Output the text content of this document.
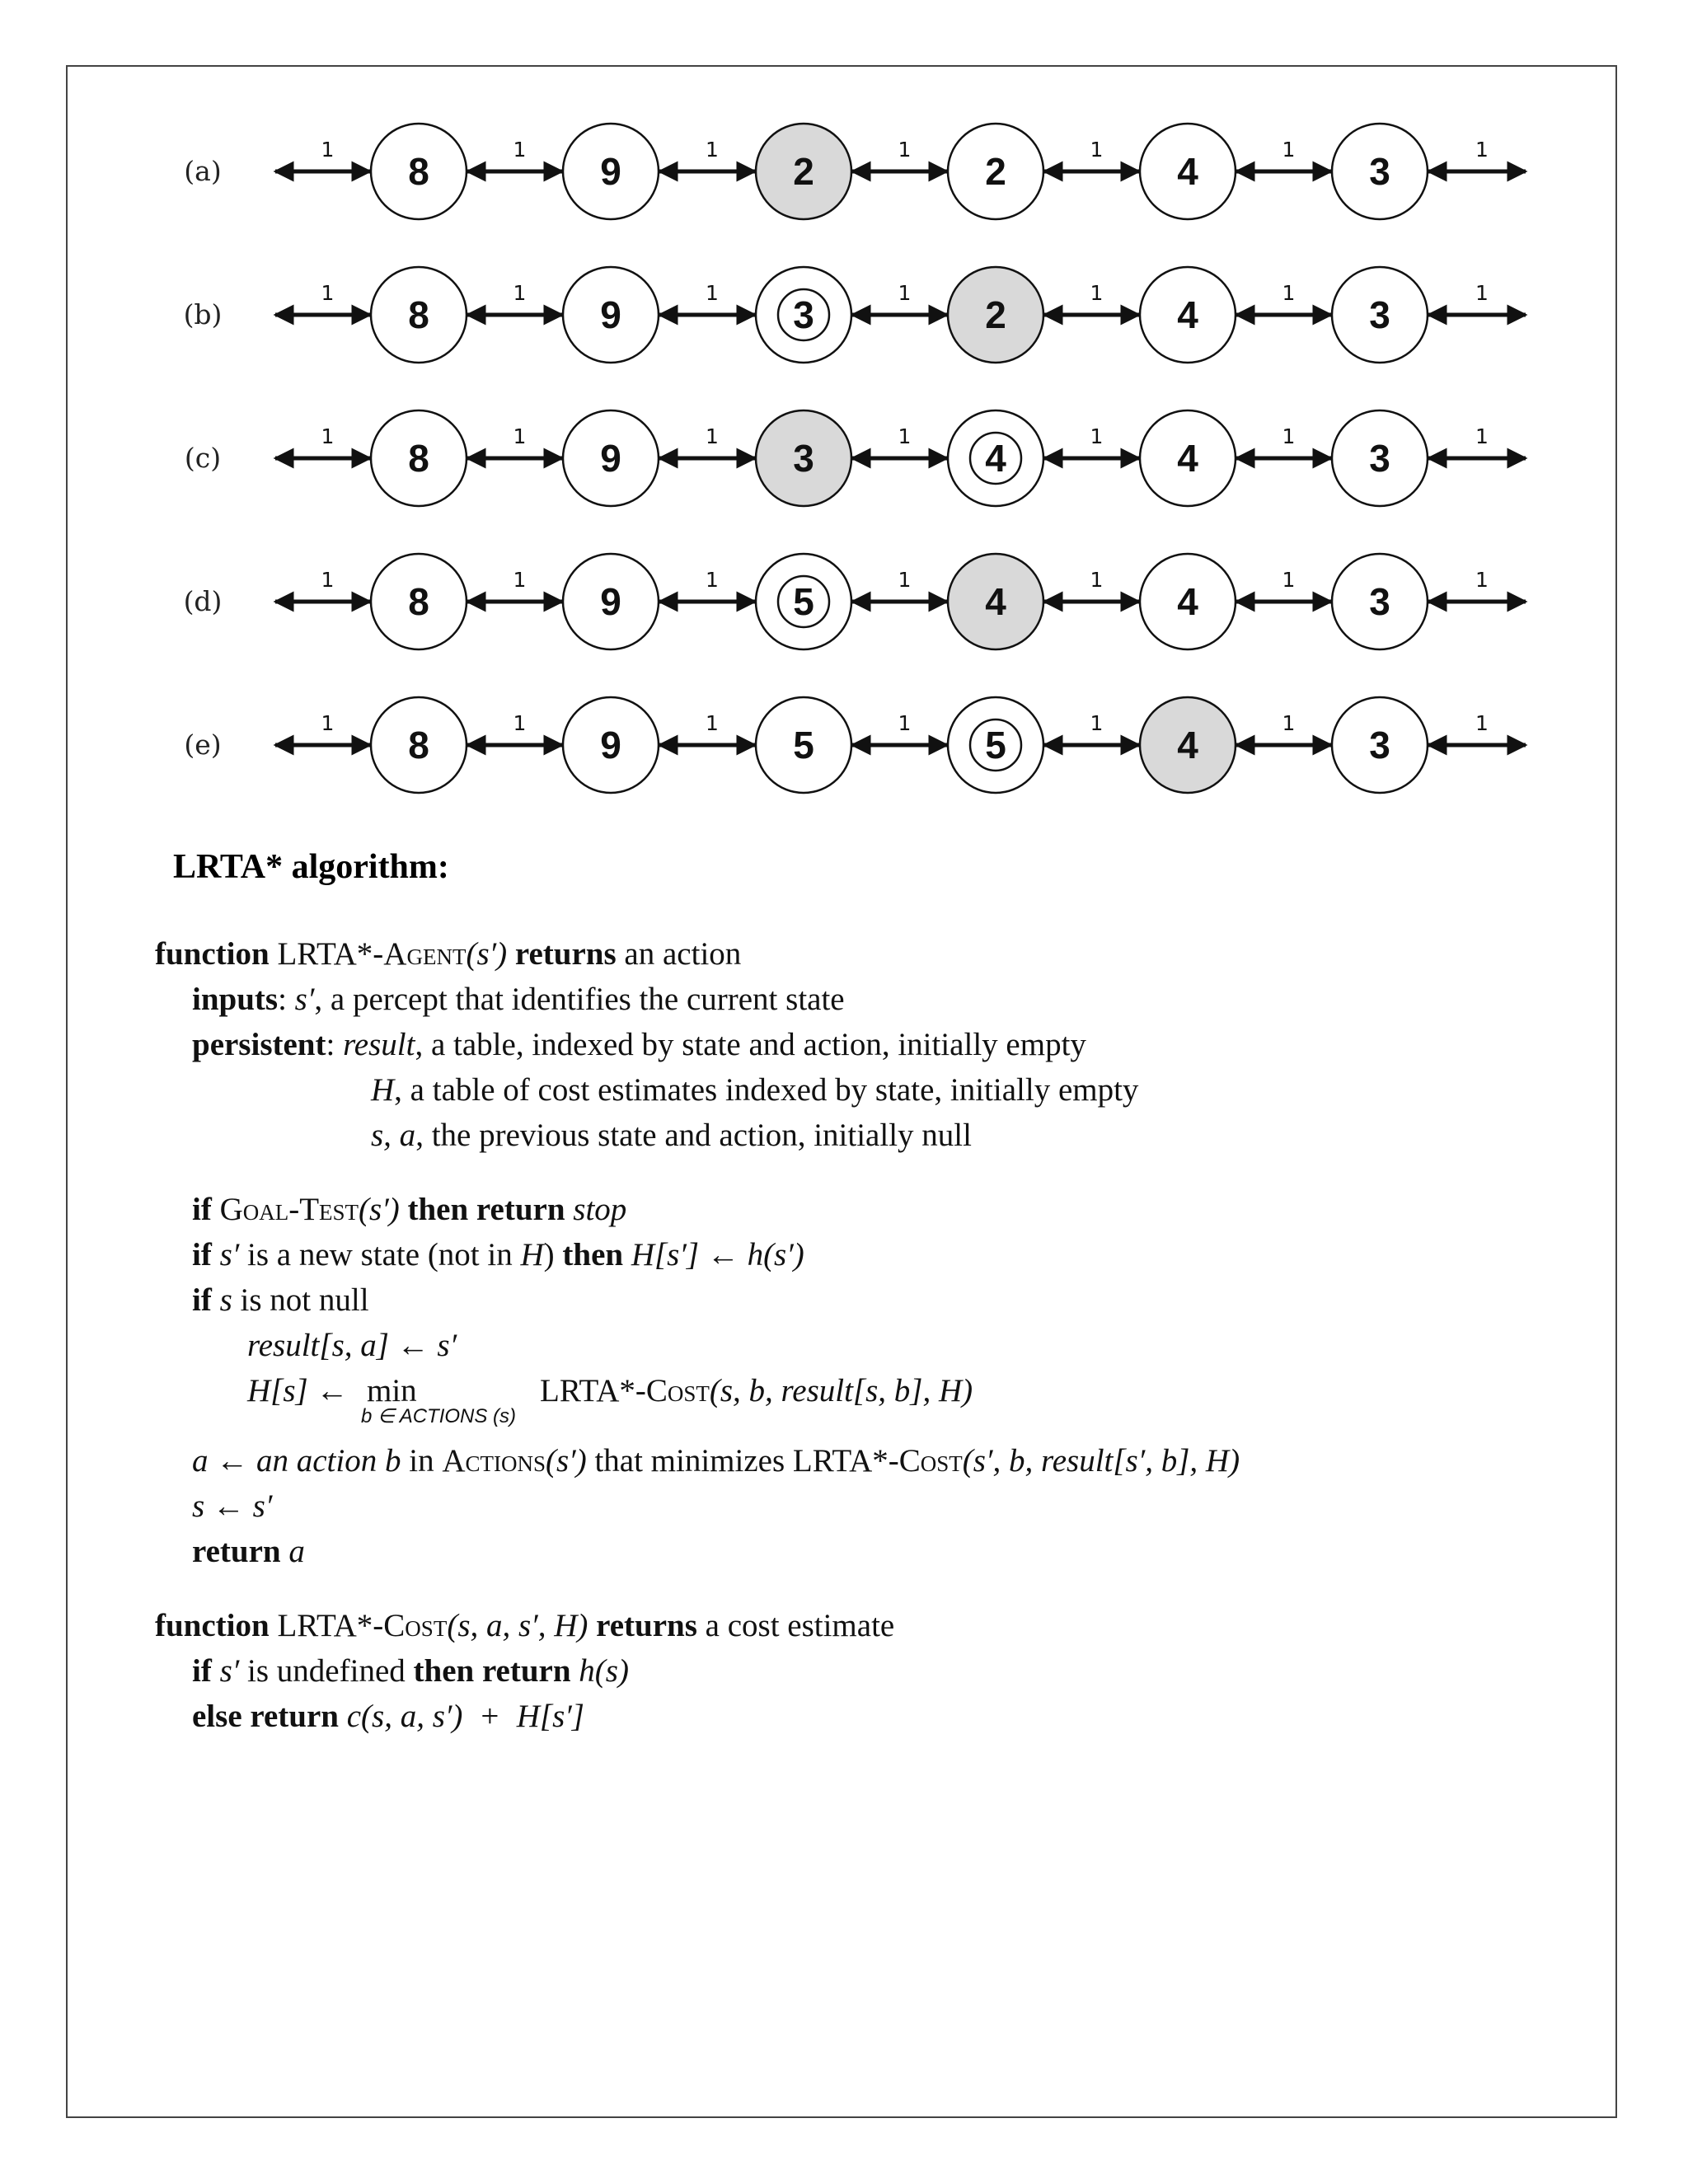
(a)
1	1	1	1	1	1	1
8	9	2	2	4	3
(b)
1	1	1	1	1	1	1
8	9	3	2	4	3
(c)
1	1	1	1	1	1	1
8	9	3	4	4	3
(d)
1	1	1	1	1	1	1
8	9	5	4	4	3
(e)
1	1	1	1	1	1	1
8	9	5	5	4	3
LRTA* algorithm:
function LRTA*-Agent(s′) returns an action
inputs: s′, a percept that identifies the current state
persistent: result, a table, indexed by state and action, initially empty
H, a table of cost estimates indexed by state, initially empty
s, a, the previous state and action, initially null
if Goal-Test(s′) then return stop
if s′ is a new state (not in H) then H[s′] ← h(s′)
if s is not null
result[s, a] ← s′
H[s] ← min
b ∈ ACTIONS (s)
LRTA*-Cost(s, b, result[s, b], H)
a ← an action b in Actions(s′) that minimizes LRTA*-Cost(s′, b, result[s′, b], H)
s ← s′
return a
function LRTA*-Cost(s, a, s′, H) returns a cost estimate
if s′ is undefined then return h(s)
else return c(s, a, s′)  +  H[s′]
